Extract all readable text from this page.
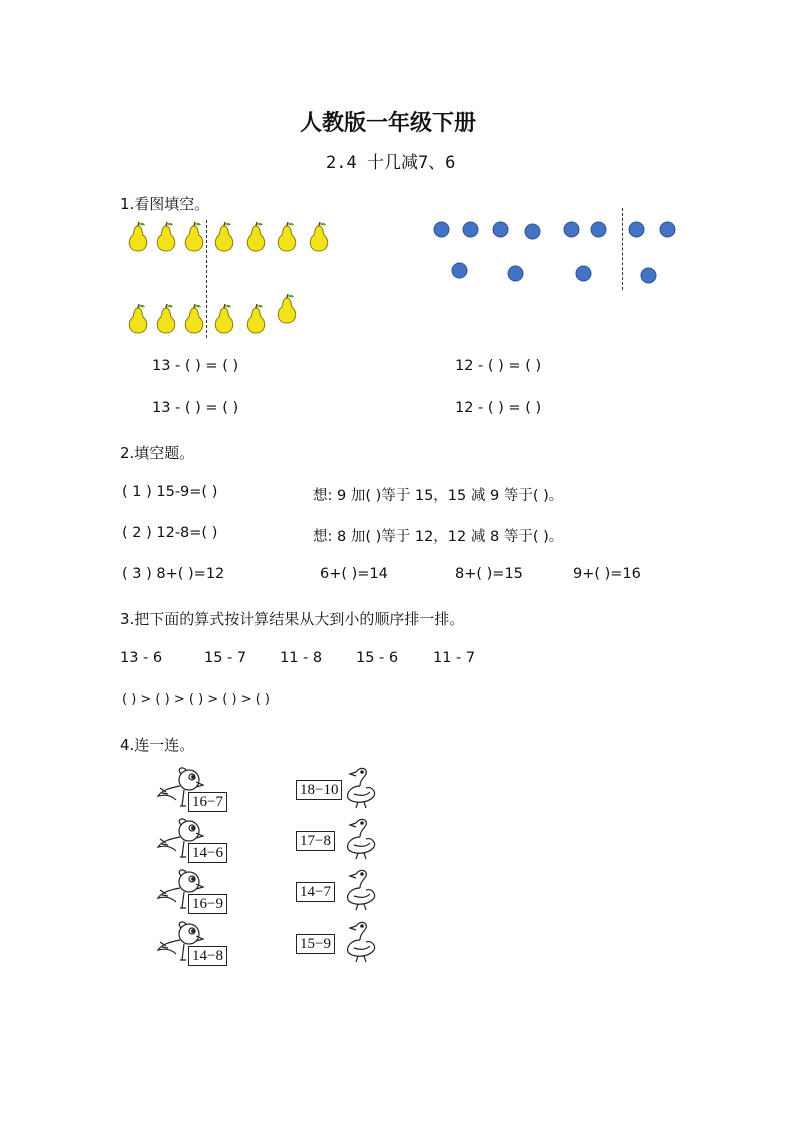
人教版一年级下册
2.4 十几减7、6
1.看图填空。
13 - ( ) = ( )	12 - ( ) = ( )
13 - ( ) = ( )	12 - ( ) = ( )
2.填空题。
( 1 ) 15-9=( )	想: 9 加( )等于 15，15 减 9 等于( )。
( 2 ) 12-8=( )	想: 8 加( )等于 12，12 减 8 等于( )。
( 3 ) 8+( )=12	6+( )=14	8+( )=15	9+( )=16
3.把下面的算式按计算结果从大到小的顺序排一排。
13 - 6	15 - 7 11 - 8 15 - 6 11 - 7
( ) > ( ) > ( ) > ( ) > ( )
4.连一连。
16−7
14−6
16−9
14−8
18−10
17−8
14−7
15−9
